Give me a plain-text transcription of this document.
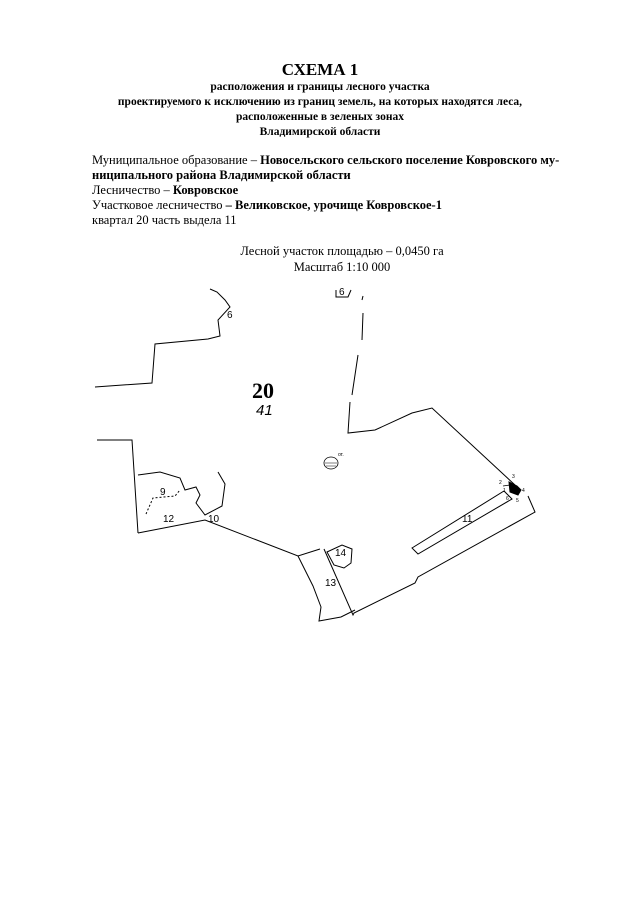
СХЕМА 1
расположения и границы лесного участка
проектируемого к исключению из границ земель, на которых находятся леса,
расположенные в зеленых зонах
Владимирской области
Муниципальное образование – Новосельского сельского поселение Ковровского му-
ниципального района Владимирской области
Лесничество – Ковровское
Участковое лесничество – Великовское, урочище Ковровское-1
квартал 20 часть выдела 11
Лесной участок площадью – 0,0450 га
Масштаб 1:10 000
20
41
от.
6
6
9
10	11
12
13
14
1
2
3
4
5
6
